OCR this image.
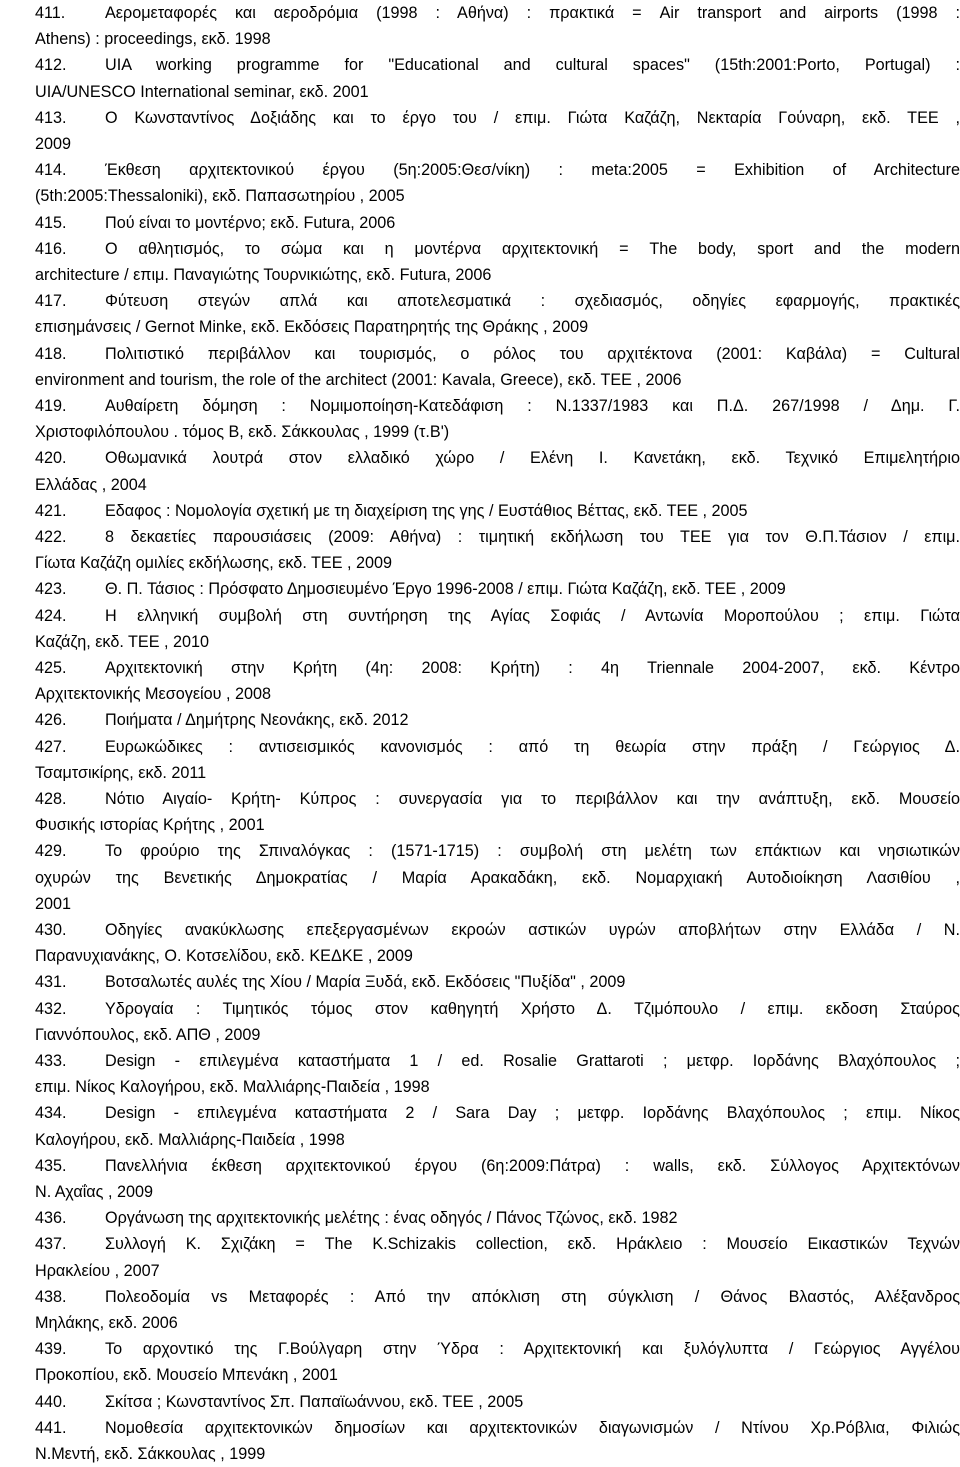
411.	Αερομεταφορές και αεροδρόμια (1998 : Αθήνα) : πρακτικά = Air transport and airports (1998 :
Athens) : proceedings, εκδ. 1998
412.	UIA working programme for "Educational and cultural spaces" (15th:2001:Porto, Portugal) :
UIA/UNESCO International seminar, εκδ. 2001
413.	Ο Κωνσταντίνος Δοξιάδης και το έργο του / επιμ. Γιώτα Καζάζη, Νεκταρία Γούναρη, εκδ. ΤΕΕ ,
2009
414.	Έκθεση αρχιτεκτονικού έργου (5η:2005:Θεσ/νίκη) : meta:2005 = Exhibition of Architecture
(5th:2005:Thessaloniki), εκδ. Παπασωτηρίου , 2005
415.	Πού είναι το μοντέρνο; εκδ. Futura, 2006
416.	Ο αθλητισμός, το σώμα και η μοντέρνα αρχιτεκτονική = The body, sport and the modern
architecture / επιμ. Παναγιώτης Τουρνικιώτης, εκδ. Futura, 2006
417.	Φύτευση στεγών απλά και αποτελεσματικά : σχεδιασμός, οδηγίες εφαρμογής, πρακτικές
επισημάνσεις / Gernot Minke, εκδ. Εκδόσεις Παρατηρητής της Θράκης , 2009
418.	Πολιτιστικό περιβάλλον και τουρισμός, ο ρόλος του αρχιτέκτονα (2001: Καβάλα) = Cultural
environment and tourism, the role of the architect (2001: Kavala, Greece), εκδ. ΤΕΕ , 2006
419.	Αυθαίρετη δόμηση : Νομιμοποίηση-Κατεδάφιση : Ν.1337/1983 και Π.Δ. 267/1998 / Δημ. Γ.
Χριστοφιλόπουλου . τόμος Β, εκδ. Σάκκουλας , 1999 (τ.Β')
420.	Οθωμανικά λουτρά στον ελλαδικό χώρο / Ελένη Ι. Κανετάκη, εκδ. Τεχνικό Επιμελητήριο
Ελλάδας , 2004
421.	Εδαφος : Νομολογία σχετική με τη διαχείριση της γης / Ευστάθιος Βέττας, εκδ. ΤΕΕ , 2005
422.	8 δεκαετίες παρουσιάσεις (2009: Αθήνα) : τιμητική εκδήλωση του ΤΕΕ για τον Θ.Π.Τάσιον / επιμ.
Γίωτα Καζάζη ομιλίες εκδήλωσης, εκδ. ΤΕΕ , 2009
423.	Θ. Π. Τάσιος : Πρόσφατο Δημοσιευμένο Έργο 1996-2008 / επιμ. Γιώτα Καζάζη, εκδ. ΤΕΕ , 2009
424.	Η ελληνική συμβολή στη συντήρηση της Αγίας Σοφιάς / Αντωνία Μοροπούλου ; επιμ. Γιώτα
Καζάζη, εκδ. ΤΕΕ , 2010
425.	Αρχιτεκτονική στην Κρήτη (4η: 2008: Κρήτη) : 4η Triennale 2004-2007, εκδ. Κέντρο
Αρχιτεκτονικής Μεσογείου , 2008
426.	Ποιήματα / Δημήτρης Νεονάκης, εκδ. 2012
427.	Ευρωκώδικες : αντισεισμικός κανονισμός : από τη θεωρία στην πράξη / Γεώργιος Δ.
Τσαμτσικίρης, εκδ. 2011
428.	Νότιο Αιγαίο- Κρήτη- Κύπρος : συνεργασία για το περιβάλλον και την ανάπτυξη, εκδ. Μουσείο
Φυσικής ιστορίας Κρήτης , 2001
429.	Το φρούριο της Σπιναλόγκας : (1571-1715) : συμβολή στη μελέτη των επάκτιων και νησιωτικών
οχυρών της Βενετικής Δημοκρατίας / Μαρία Αρακαδάκη, εκδ. Νομαρχιακή Αυτοδιοίκηση Λασιθίου ,
2001
430.	Οδηγίες ανακύκλωσης επεξεργασμένων εκροών αστικών υγρών αποβλήτων στην Ελλάδα / Ν.
Παρανυχιανάκης, Ο. Κοτσελίδου, εκδ. ΚΕΔΚΕ , 2009
431.	Βοτσαλωτές αυλές της Χίου / Μαρία Ξυδά, εκδ. Εκδόσεις "Πυξίδα" , 2009
432.	Υδρογαία : Τιμητικός τόμος στον καθηγητή Χρήστο Δ. Τζιμόπουλο / επιμ. εκδοση Σταύρος
Γιαννόπουλος, εκδ. ΑΠΘ , 2009
433.	Design - επιλεγμένα καταστήματα 1 / ed. Rosalie Grattaroti ; μετφρ. Ιορδάνης Βλαχόπουλος ;
επιμ. Νίκος Καλογήρου, εκδ. Μαλλιάρης-Παιδεία , 1998
434.	Design - επιλεγμένα καταστήματα 2 / Sara Day ; μετφρ. Ιορδάνης Βλαχόπουλος ; επιμ. Νίκος
Καλογήρου, εκδ. Μαλλιάρης-Παιδεία , 1998
435.	Πανελλήνια έκθεση αρχιτεκτονικού έργου (6η:2009:Πάτρα) : walls, εκδ. Σύλλογος Αρχιτεκτόνων
Ν. Αχαΐας , 2009
436.	Οργάνωση της αρχιτεκτονικής μελέτης : ένας οδηγός / Πάνος Τζώνος, εκδ. 1982
437.	Συλλογή Κ. Σχιζάκη = The K.Schizakis collection, εκδ. Ηράκλειο : Μουσείο Εικαστικών Τεχνών
Ηρακλείου , 2007
438.	Πολεοδομία vs Μεταφορές : Από την απόκλιση στη σύγκλιση / Θάνος Βλαστός, Αλέξανδρος
Μηλάκης, εκδ. 2006
439.	Το αρχοντικό της Γ.Βούλγαρη στην Ύδρα : Αρχιτεκτονική και ξυλόγλυπτα / Γεώργιος Αγγέλου
Προκοπίου, εκδ. Μουσείο Μπενάκη , 2001
440.	Σκίτσα ; Κωνσταντίνος Σπ. Παπαϊωάννου, εκδ. ΤΕΕ , 2005
441.	Νομοθεσία αρχιτεκτονικών δημοσίων και αρχιτεκτονικών διαγωνισμών / Ντίνου Χρ.Ρόβλια, Φιλιώς
Ν.Μεντή, εκδ. Σάκκουλας , 1999
